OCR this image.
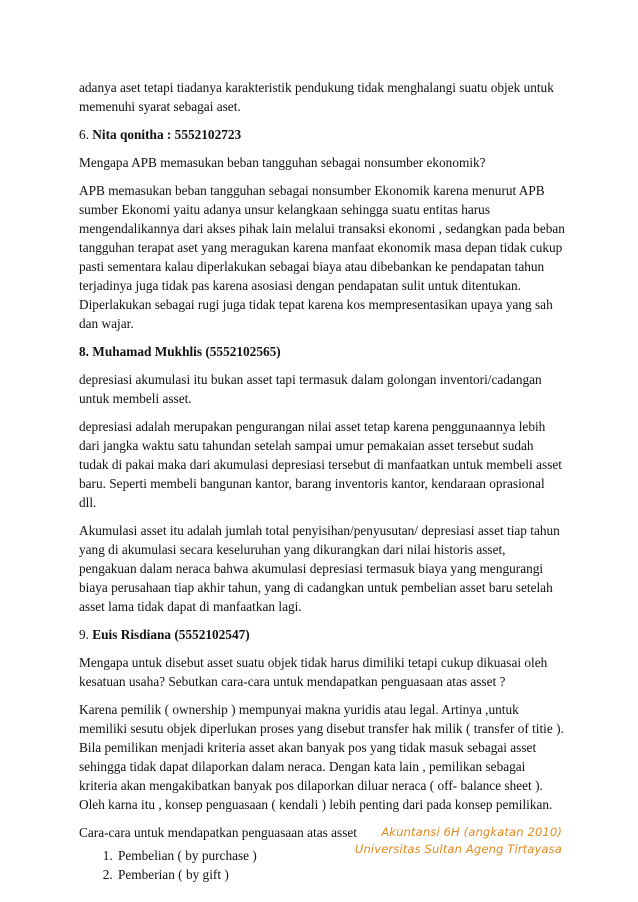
adanya aset tetapi tiadanya karakteristik pendukung tidak menghalangi suatu objek untuk memenuhi syarat sebagai aset.

6. Nita qonitha : 5552102723

Mengapa APB memasukan beban tangguhan sebagai nonsumber ekonomik?

APB memasukan beban tangguhan sebagai nonsumber Ekonomik karena menurut APB sumber Ekonomi yaitu adanya unsur kelangkaan sehingga suatu entitas harus mengendalikannya dari akses pihak lain melalui transaksi ekonomi , sedangkan pada beban tangguhan terapat aset yang meragukan karena manfaat ekonomik masa depan tidak cukup pasti sementara kalau diperlakukan sebagai biaya atau dibebankan ke pendapatan tahun terjadinya juga tidak pas karena asosiasi dengan pendapatan sulit untuk ditentukan. Diperlakukan sebagai rugi juga tidak tepat karena kos mempresentasikan upaya yang sah dan wajar.

8. Muhamad Mukhlis (5552102565)

depresiasi akumulasi itu bukan asset tapi termasuk dalam golongan inventori/cadangan untuk membeli asset.

depresiasi adalah merupakan pengurangan nilai asset tetap karena penggunaannya lebih dari jangka waktu satu tahundan setelah sampai umur pemakaian asset tersebut sudah tudak di pakai maka dari akumulasi depresiasi tersebut di manfaatkan untuk membeli asset baru. Seperti membeli bangunan kantor, barang inventoris kantor, kendaraan oprasional dll.

Akumulasi asset itu adalah jumlah total penyisihan/penyusutan/ depresiasi asset tiap tahun yang di akumulasi secara keseluruhan yang dikurangkan dari nilai historis asset, pengakuan dalam neraca bahwa akumulasi depresiasi termasuk biaya yang mengurangi biaya perusahaan tiap akhir tahun, yang di cadangkan untuk pembelian asset baru setelah asset lama tidak dapat di manfaatkan lagi.

9. Euis Risdiana (5552102547)

Mengapa untuk disebut asset suatu objek tidak harus dimiliki tetapi cukup dikuasai oleh kesatuan usaha? Sebutkan cara-cara untuk mendapatkan penguasaan atas asset ?

Karena pemilik ( ownership ) mempunyai makna yuridis atau legal. Artinya ,untuk memiliki sesutu objek diperlukan proses yang disebut transfer hak milik ( transfer of titie ). Bila pemilikan menjadi kriteria asset akan banyak pos yang tidak masuk sebagai asset sehingga tidak dapat dilaporkan dalam neraca. Dengan kata lain , pemilikan sebagai kriteria akan mengakibatkan banyak pos dilaporkan diluar neraca ( off- balance sheet ). Oleh karna itu , konsep penguasaan ( kendali ) lebih penting dari pada konsep pemilikan.

Cara-cara untuk mendapatkan penguasaan atas asset

1. Pembelian ( by purchase )
2. Pemberian ( by gift )
Akuntansi 6H (angkatan 2010)
Universitas Sultan Ageng Tirtayasa
